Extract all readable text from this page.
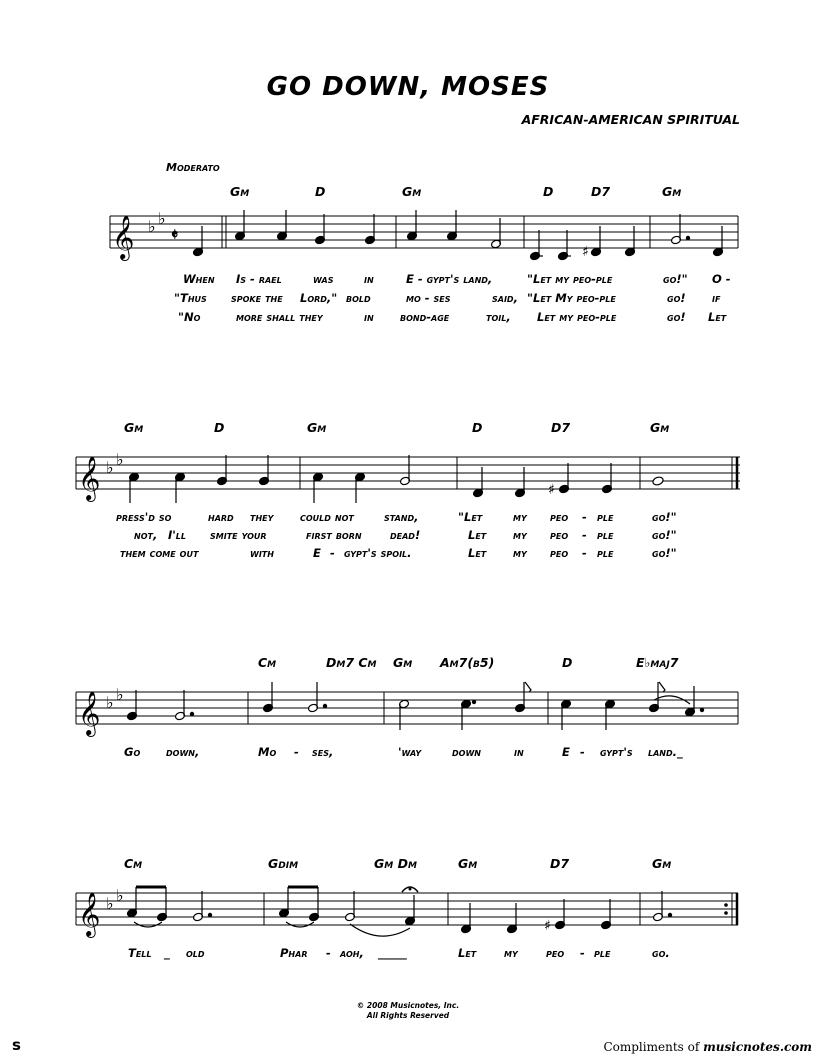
GO DOWN, MOSES
AFRICAN-AMERICAN SPIRITUAL
Moderato
Gm	D	Gm	D	D7	Gm
𝄞 ♭ ♭
𝄵
♯
When Is - rael	was	in	E - gypt's land,	"Let my peo-ple	go!" O -
"Thus spoke the Lord," bold	mo - ses	said, "Let My peo-ple	go! if
"No	more shall they	in bond-age	toil, Let my peo-ple	go! Let
Gm	D	Gm	D	D7	Gm
𝄞 ♭ ♭
♯
press'd so	hard they could not	stand,	"Let	my peo - ple	go!"
not, I'll smite your	first born dead!	Let my peo - ple	go!"
them come out	with	E - gypt's spoil.	Let my peo - ple	go!"
Cm	Dm7 Cm Gm Am7(b5)	D	E♭maj7
𝄞 ♭ ♭
Go down,	Mo - ses,	'way	down	in	E - gypt's land._
Cm	Gdim	Gm Dm	Gm	D7	Gm
𝄞 ♭ ♭
♯
Tell _ old	Phar - aoh, _____	Let my peo - ple	go.
© 2008 Musicnotes, Inc.
All Rights Reserved
s	Compliments of musicnotes.com
